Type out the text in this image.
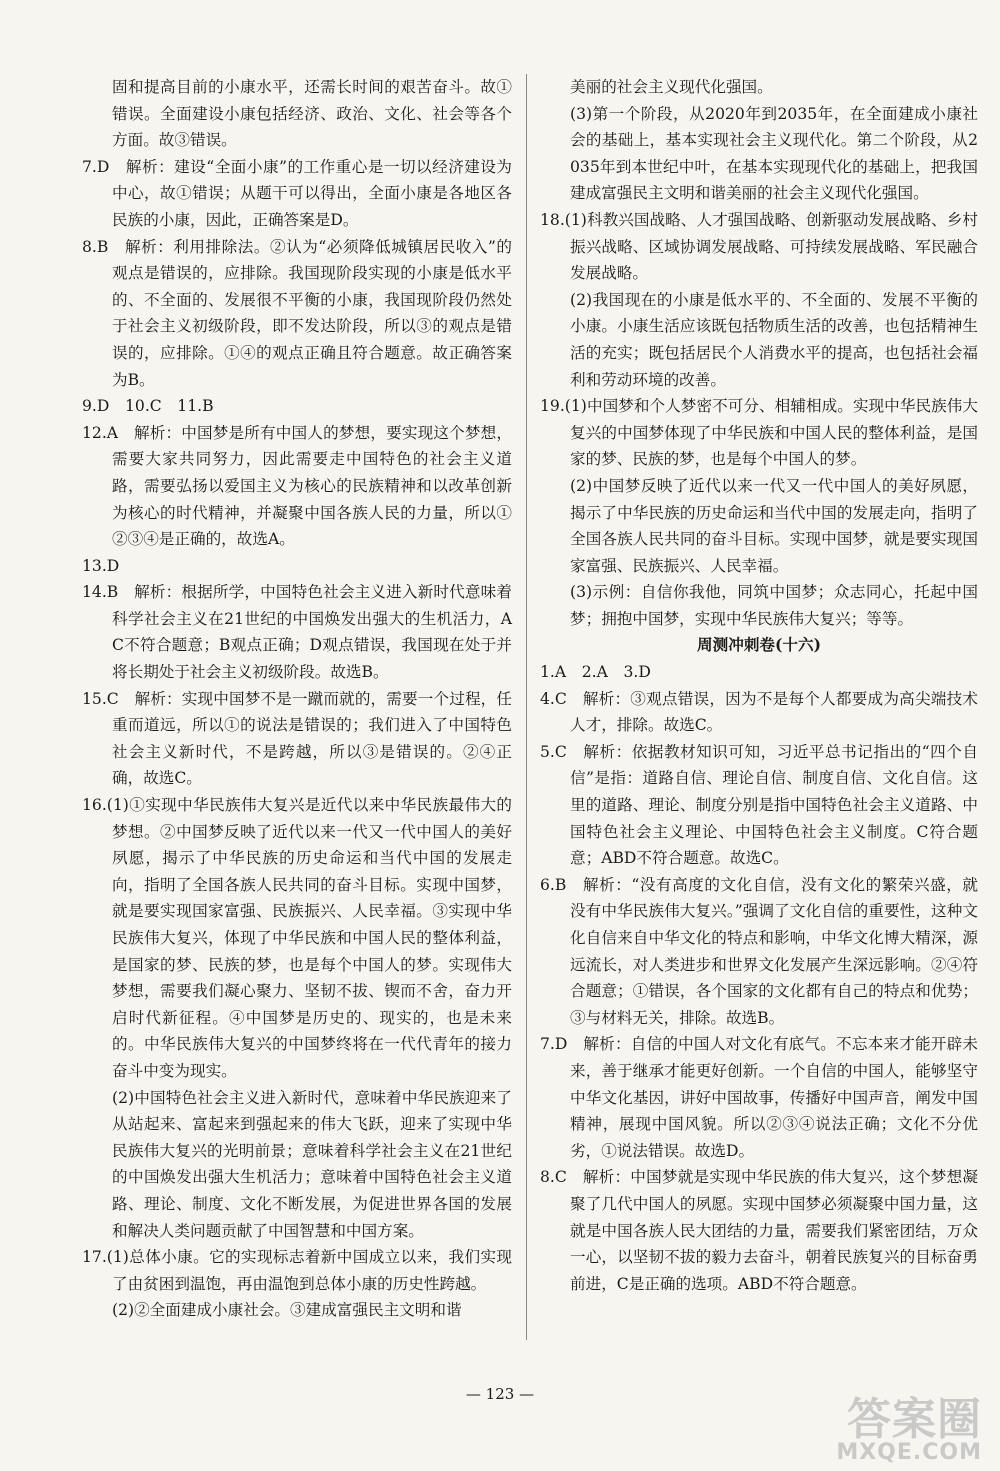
固和提高目前的小康水平，还需长时间的艰苦奋斗。故①错误。全面建设小康包括经济、政治、文化、社会等各个方面。故③错误。

7.D　解析：建设“全面小康”的工作重心是一切以经济建设为中心，故①错误；从题干可以得出，全面小康是各地区各民族的小康，因此，正确答案是D。

8.B　解析：利用排除法。②认为“必须降低城镇居民收入”的观点是错误的，应排除。我国现阶段实现的小康是低水平的、不全面的、发展很不平衡的小康，我国现阶段仍然处于社会主义初级阶段，即不发达阶段，所以③的观点是错误的，应排除。①④的观点正确且符合题意。故正确答案为B。

9.D　10.C　11.B

12.A　解析：中国梦是所有中国人的梦想，要实现这个梦想，需要大家共同努力，因此需要走中国特色的社会主义道路，需要弘扬以爱国主义为核心的民族精神和以改革创新为核心的时代精神，并凝聚中国各族人民的力量，所以①②③④是正确的，故选A。

13.D

14.B　解析：根据所学，中国特色社会主义进入新时代意味着科学社会主义在21世纪的中国焕发出强大的生机活力，AC不符合题意；B观点正确；D观点错误，我国现在处于并将长期处于社会主义初级阶段。故选B。

15.C　解析：实现中国梦不是一蹴而就的，需要一个过程，任重而道远，所以①的说法是错误的；我们进入了中国特色社会主义新时代，不是跨越，所以③是错误的。②④正确，故选C。

16.(1)①实现中华民族伟大复兴是近代以来中华民族最伟大的梦想。②中国梦反映了近代以来一代又一代中国人的美好夙愿，揭示了中华民族的历史命运和当代中国的发展走向，指明了全国各族人民共同的奋斗目标。实现中国梦，就是要实现国家富强、民族振兴、人民幸福。③实现中华民族伟大复兴，体现了中华民族和中国人民的整体利益，是国家的梦、民族的梦，也是每个中国人的梦。实现伟大梦想，需要我们凝心聚力、坚韧不拔、锲而不舍，奋力开启时代新征程。④中国梦是历史的、现实的，也是未来的。中华民族伟大复兴的中国梦终将在一代代青年的接力奋斗中变为现实。

(2)中国特色社会主义进入新时代，意味着中华民族迎来了从站起来、富起来到强起来的伟大飞跃，迎来了实现中华民族伟大复兴的光明前景；意味着科学社会主义在21世纪的中国焕发出强大生机活力；意味着中国特色社会主义道路、理论、制度、文化不断发展，为促进世界各国的发展和解决人类问题贡献了中国智慧和中国方案。

17.(1)总体小康。它的实现标志着新中国成立以来，我们实现了由贫困到温饱，再由温饱到总体小康的历史性跨越。

(2)②全面建成小康社会。③建成富强民主文明和谐

美丽的社会主义现代化强国。

(3)第一个阶段，从2020年到2035年，在全面建成小康社会的基础上，基本实现社会主义现代化。第二个阶段，从2035年到本世纪中叶，在基本实现现代化的基础上，把我国建成富强民主文明和谐美丽的社会主义现代化强国。

18.(1)科教兴国战略、人才强国战略、创新驱动发展战略、乡村振兴战略、区域协调发展战略、可持续发展战略、军民融合发展战略。

(2)我国现在的小康是低水平的、不全面的、发展不平衡的小康。小康生活应该既包括物质生活的改善，也包括精神生活的充实；既包括居民个人消费水平的提高，也包括社会福利和劳动环境的改善。

19.(1)中国梦和个人梦密不可分、相辅相成。实现中华民族伟大复兴的中国梦体现了中华民族和中国人民的整体利益，是国家的梦、民族的梦，也是每个中国人的梦。

(2)中国梦反映了近代以来一代又一代中国人的美好夙愿，揭示了中华民族的历史命运和当代中国的发展走向，指明了全国各族人民共同的奋斗目标。实现中国梦，就是要实现国家富强、民族振兴、人民幸福。

(3)示例：自信你我他，同筑中国梦；众志同心，托起中国梦；拥抱中国梦，实现中华民族伟大复兴；等等。

周测冲刺卷(十六)

1.A　2.A　3.D

4.C　解析：③观点错误，因为不是每个人都要成为高尖端技术人才，排除。故选C。

5.C　解析：依据教材知识可知，习近平总书记指出的“四个自信”是指：道路自信、理论自信、制度自信、文化自信。这里的道路、理论、制度分别是指中国特色社会主义道路、中国特色社会主义理论、中国特色社会主义制度。C符合题意；ABD不符合题意。故选C。

6.B　解析：“没有高度的文化自信，没有文化的繁荣兴盛，就没有中华民族伟大复兴。”强调了文化自信的重要性，这种文化自信来自中华文化的特点和影响，中华文化博大精深，源远流长，对人类进步和世界文化发展产生深远影响。②④符合题意；①错误，各个国家的文化都有自己的特点和优势；③与材料无关，排除。故选B。

7.D　解析：自信的中国人对文化有底气。不忘本来才能开辟未来，善于继承才能更好创新。一个自信的中国人，能够坚守中华文化基因，讲好中国故事，传播好中国声音，阐发中国精神，展现中国风貌。所以②③④说法正确；文化不分优劣，①说法错误。故选D。

8.C　解析：中国梦就是实现中华民族的伟大复兴，这个梦想凝聚了几代中国人的夙愿。实现中国梦必须凝聚中国力量，这就是中国各族人民大团结的力量，需要我们紧密团结，万众一心，以坚韧不拔的毅力去奋斗，朝着民族复兴的目标奋勇前进，C是正确的选项。ABD不符合题意。

— 123 —	答案圈
MXQE.COM
